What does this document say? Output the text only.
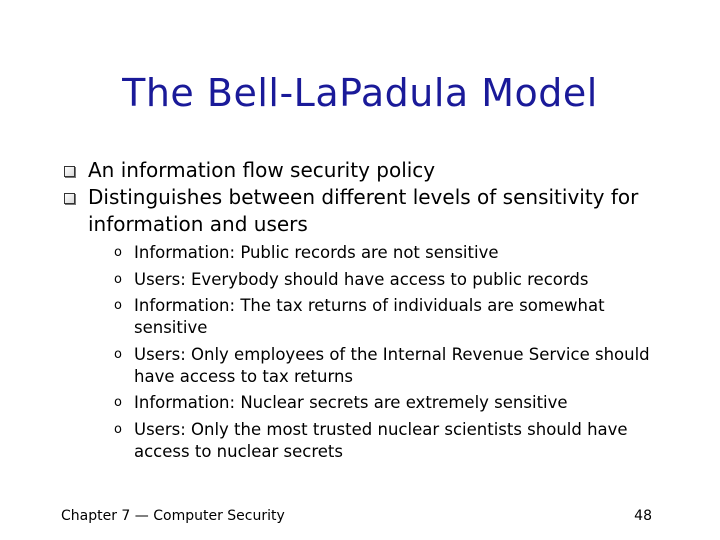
The Bell-LaPadula Model
An information flow security policy
Distinguishes between different levels of sensitivity for information and users
o Information: Public records are not sensitive
o Users: Everybody should have access to public records
o Information: The tax returns of individuals are somewhat sensitive
o Users: Only employees of the Internal Revenue Service should have access to tax returns
o Information: Nuclear secrets are extremely sensitive
o Users: Only the most trusted nuclear scientists should have access to nuclear secrets
Chapter 7 — Computer Security	48
